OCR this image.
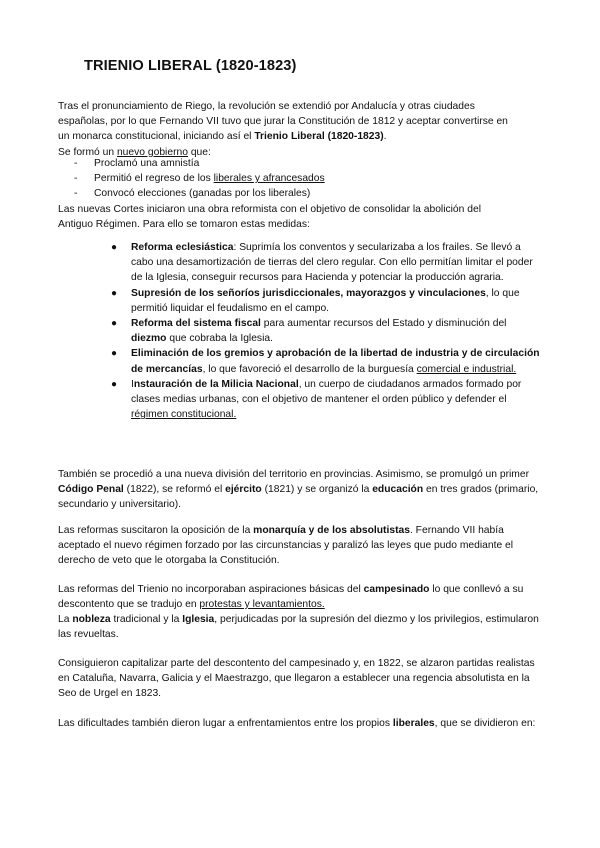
TRIENIO LIBERAL (1820-1823)
Tras el pronunciamiento de Riego, la revolución se extendió por Andalucía y otras ciudades
españolas, por lo que Fernando VII tuvo que jurar la Constitución de 1812 y aceptar convertirse en
un monarca constitucional, iniciando así el Trienio Liberal (1820-1823).
Se formó un nuevo gobierno que:
- Proclamó una amnistía
- Permitió el regreso de los liberales y afrancesados
- Convocó elecciones (ganadas por los liberales)
Las nuevas Cortes iniciaron una obra reformista con el objetivo de consolidar la abolición del
Antiguo Régimen. Para ello se tomaron estas medidas:
● Reforma eclesiástica: Suprimía los conventos y secularizaba a los frailes. Se llevó a cabo una desamortización de tierras del clero regular. Con ello permitían limitar el poder de la Iglesia, conseguir recursos para Hacienda y potenciar la producción agraria.
● Supresión de los señoríos jurisdiccionales, mayorazgos y vinculaciones, lo que permitió liquidar el feudalismo en el campo.
● Reforma del sistema fiscal para aumentar recursos del Estado y disminución del diezmo que cobraba la Iglesia.
● Eliminación de los gremios y aprobación de la libertad de industria y de circulación de mercancías, lo que favoreció el desarrollo de la burguesía comercial e industrial.
● Instauración de la Milicia Nacional, un cuerpo de ciudadanos armados formado por clases medias urbanas, con el objetivo de mantener el orden público y defender el régimen constitucional.
También se procedió a una nueva división del territorio en provincias. Asimismo, se promulgó un primer Código Penal (1822), se reformó el ejército (1821) y se organizó la educación en tres grados (primario, secundario y universitario).
Las reformas suscitaron la oposición de la monarquía y de los absolutistas. Fernando VII había aceptado el nuevo régimen forzado por las circunstancias y paralizó las leyes que pudo mediante el derecho de veto que le otorgaba la Constitución.
Las reformas del Trienio no incorporaban aspiraciones básicas del campesinado lo que conllevó a su descontento que se tradujo en protestas y levantamientos.
La nobleza tradicional y la Iglesia, perjudicadas por la supresión del diezmo y los privilegios, estimularon las revueltas.
Consiguieron capitalizar parte del descontento del campesinado y, en 1822, se alzaron partidas realistas en Cataluña, Navarra, Galicia y el Maestrazgo, que llegaron a establecer una regencia absolutista en la Seo de Urgel en 1823.
Las dificultades también dieron lugar a enfrentamientos entre los propios liberales, que se dividieron en:
